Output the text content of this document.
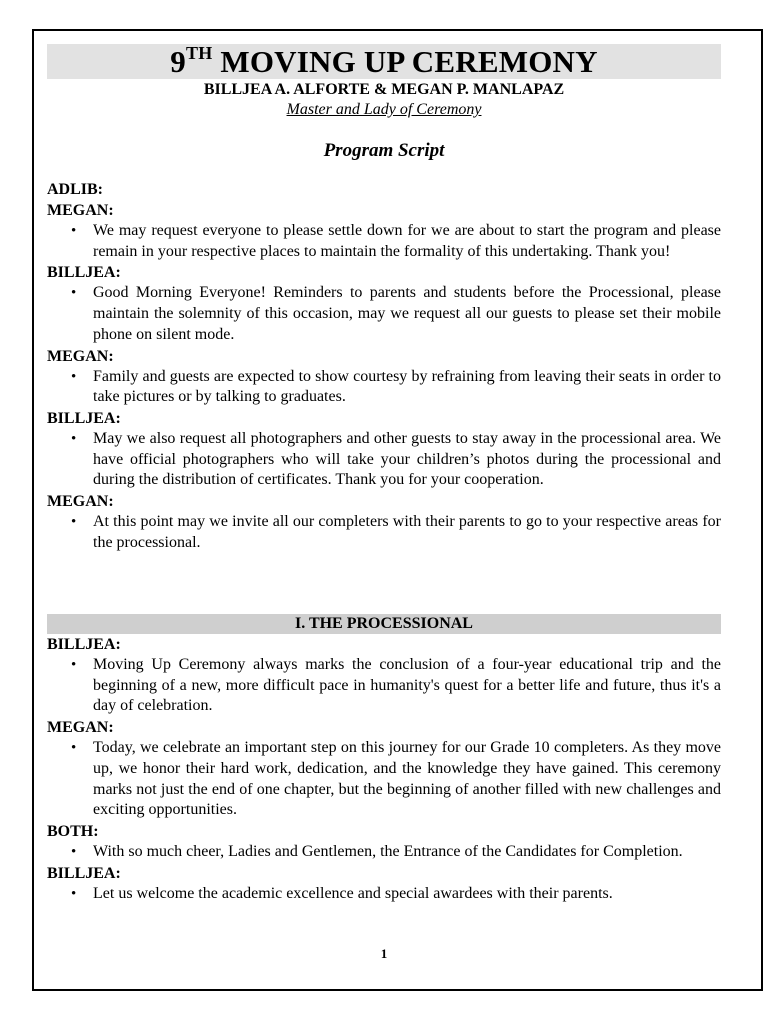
9TH MOVING UP CEREMONY
BILLJEA A. ALFORTE & MEGAN P. MANLAPAZ
Master and Lady of Ceremony
Program Script
ADLIB:
MEGAN:
• We may request everyone to please settle down for we are about to start the program and please remain in your respective places to maintain the formality of this undertaking. Thank you!
BILLJEA:
• Good Morning Everyone! Reminders to parents and students before the Processional, please maintain the solemnity of this occasion, may we request all our guests to please set their mobile phone on silent mode.
MEGAN:
• Family and guests are expected to show courtesy by refraining from leaving their seats in order to take pictures or by talking to graduates.
BILLJEA:
• May we also request all photographers and other guests to stay away in the processional area. We have official photographers who will take your children’s photos during the processional and during the distribution of certificates. Thank you for your cooperation.
MEGAN:
• At this point may we invite all our completers with their parents to go to your respective areas for the processional.
I. THE PROCESSIONAL
BILLJEA:
• Moving Up Ceremony always marks the conclusion of a four-year educational trip and the beginning of a new, more difficult pace in humanity's quest for a better life and future, thus it's a day of celebration.
MEGAN:
• Today, we celebrate an important step on this journey for our Grade 10 completers. As they move up, we honor their hard work, dedication, and the knowledge they have gained. This ceremony marks not just the end of one chapter, but the beginning of another filled with new challenges and exciting opportunities.
BOTH:
• With so much cheer, Ladies and Gentlemen, the Entrance of the Candidates for Completion.
BILLJEA:
• Let us welcome the academic excellence and special awardees with their parents.
1
